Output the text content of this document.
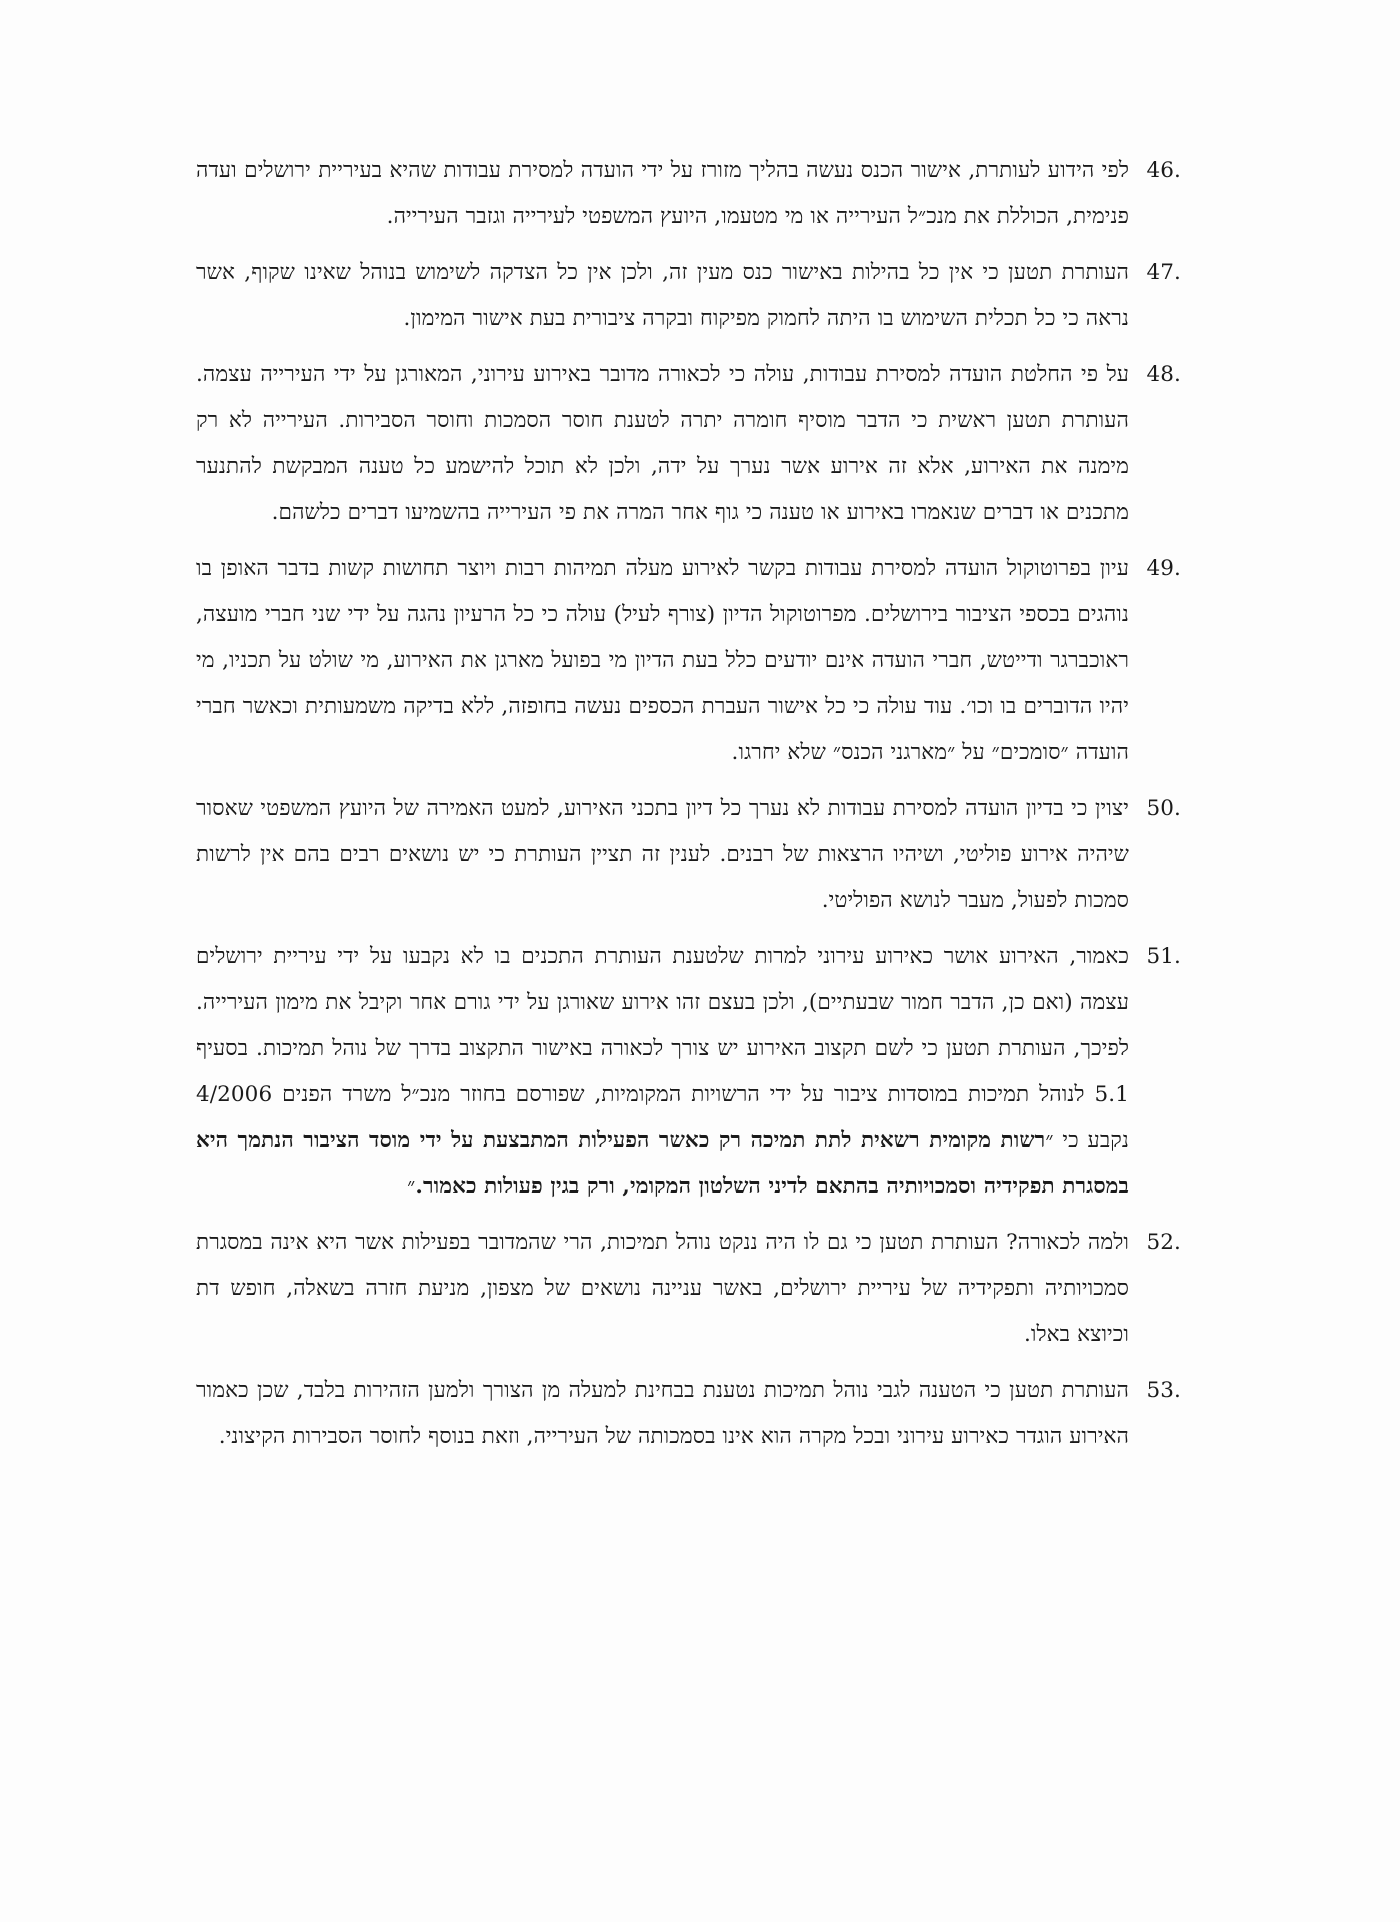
46.
לפי הידוע לעותרת, אישור הכנס נעשה בהליך מזורז על ידי הועדה למסירת עבודות שהיא בעיריית ירושלים ועדה פנימית, הכוללת את מנכ״ל העירייה או מי מטעמו, היועץ המשפטי לעירייה וגזבר העירייה.

47.
העותרת תטען כי אין כל בהילות באישור כנס מעין זה, ולכן אין כל הצדקה לשימוש בנוהל שאינו שקוף, אשר נראה כי כל תכלית השימוש בו היתה לחמוק מפיקוח ובקרה ציבורית בעת אישור המימון.

48.
על פי החלטת הועדה למסירת עבודות, עולה כי לכאורה מדובר באירוע עירוני, המאורגן על ידי העירייה עצמה. העותרת תטען ראשית כי הדבר מוסיף חומרה יתרה לטענת חוסר הסמכות וחוסר הסבירות. העירייה לא רק מימנה את האירוע, אלא זה אירוע אשר נערך על ידה, ולכן לא תוכל להישמע כל טענה המבקשת להתנער מתכנים או דברים שנאמרו באירוע או טענה כי גוף אחר המרה את פי העירייה בהשמיעו דברים כלשהם.

49.
עיון בפרוטוקול הועדה למסירת עבודות בקשר לאירוע מעלה תמיהות רבות ויוצר תחושות קשות בדבר האופן בו נוהגים בכספי הציבור בירושלים. מפרוטוקול הדיון (צורף לעיל) עולה כי כל הרעיון נהגה על ידי שני חברי מועצה, ראוכברגר ודייטש, חברי הועדה אינם יודעים כלל בעת הדיון מי בפועל מארגן את האירוע, מי שולט על תכניו, מי יהיו הדוברים בו וכו׳. עוד עולה כי כל אישור העברת הכספים נעשה בחופזה, ללא בדיקה משמעותית וכאשר חברי הועדה ״סומכים״ על ״מארגני הכנס״ שלא יחרגו.

50.
יצוין כי בדיון הועדה למסירת עבודות לא נערך כל דיון בתכני האירוע, למעט האמירה של היועץ המשפטי שאסור שיהיה אירוע פוליטי, ושיהיו הרצאות של רבנים. לענין זה תציין העותרת כי יש נושאים רבים בהם אין לרשות סמכות לפעול, מעבר לנושא הפוליטי.

51.
כאמור, האירוע אושר כאירוע עירוני למרות שלטענת העותרת התכנים בו לא נקבעו על ידי עיריית ירושלים עצמה (ואם כן, הדבר חמור שבעתיים), ולכן בעצם זהו אירוע שאורגן על ידי גורם אחר וקיבל את מימון העירייה. לפיכך, העותרת תטען כי לשם תקצוב האירוע יש צורך לכאורה באישור התקצוב בדרך של נוהל תמיכות. בסעיף 5.1 לנוהל תמיכות במוסדות ציבור על ידי הרשויות המקומיות, שפורסם בחוזר מנכ״ל משרד הפנים 4/2006 נקבע כי ״רשות מקומית רשאית לתת תמיכה רק כאשר הפעילות המתבצעת על ידי מוסד הציבור הנתמך היא במסגרת תפקידיה וסמכויותיה בהתאם לדיני השלטון המקומי, ורק בגין פעולות כאמור.״

52.
ולמה לכאורה? העותרת תטען כי גם לו היה ננקט נוהל תמיכות, הרי שהמדובר בפעילות אשר היא אינה במסגרת סמכויותיה ותפקידיה של עיריית ירושלים, באשר עניינה נושאים של מצפון, מניעת חזרה בשאלה, חופש דת וכיוצא באלו.

53.
העותרת תטען כי הטענה לגבי נוהל תמיכות נטענת בבחינת למעלה מן הצורך ולמען הזהירות בלבד, שכן כאמור האירוע הוגדר כאירוע עירוני ובכל מקרה הוא אינו בסמכותה של העירייה, וזאת בנוסף לחוסר הסבירות הקיצוני.
